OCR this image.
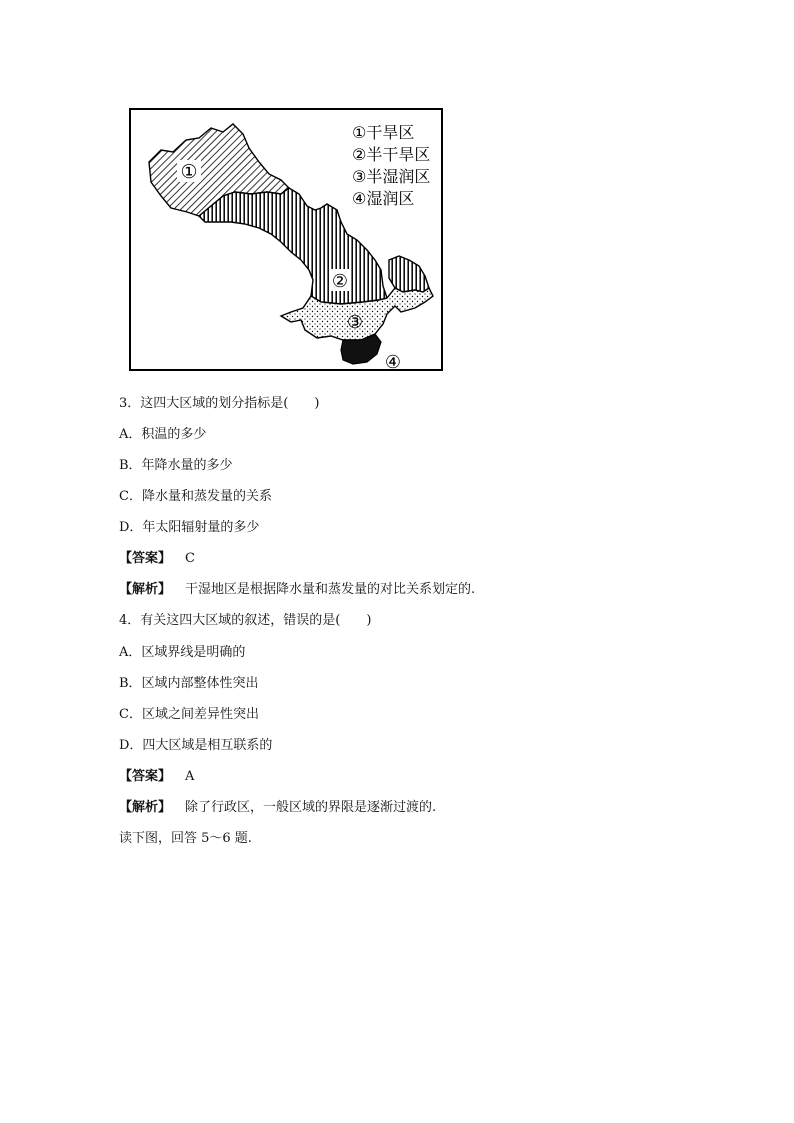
①
②
③
④
①干旱区
②半干旱区
③半湿润区
④湿润区
3．这四大区域的划分指标是(　　)
A．积温的多少
B．年降水量的多少
C．降水量和蒸发量的关系
D．年太阳辐射量的多少
【答案】 C
【解析】 干湿地区是根据降水量和蒸发量的对比关系划定的.
4．有关这四大区域的叙述，错误的是(　　)
A．区域界线是明确的
B．区域内部整体性突出
C．区域之间差异性突出
D．四大区域是相互联系的
【答案】 A
【解析】 除了行政区，一般区域的界限是逐渐过渡的.
读下图，回答 5～6 题.
